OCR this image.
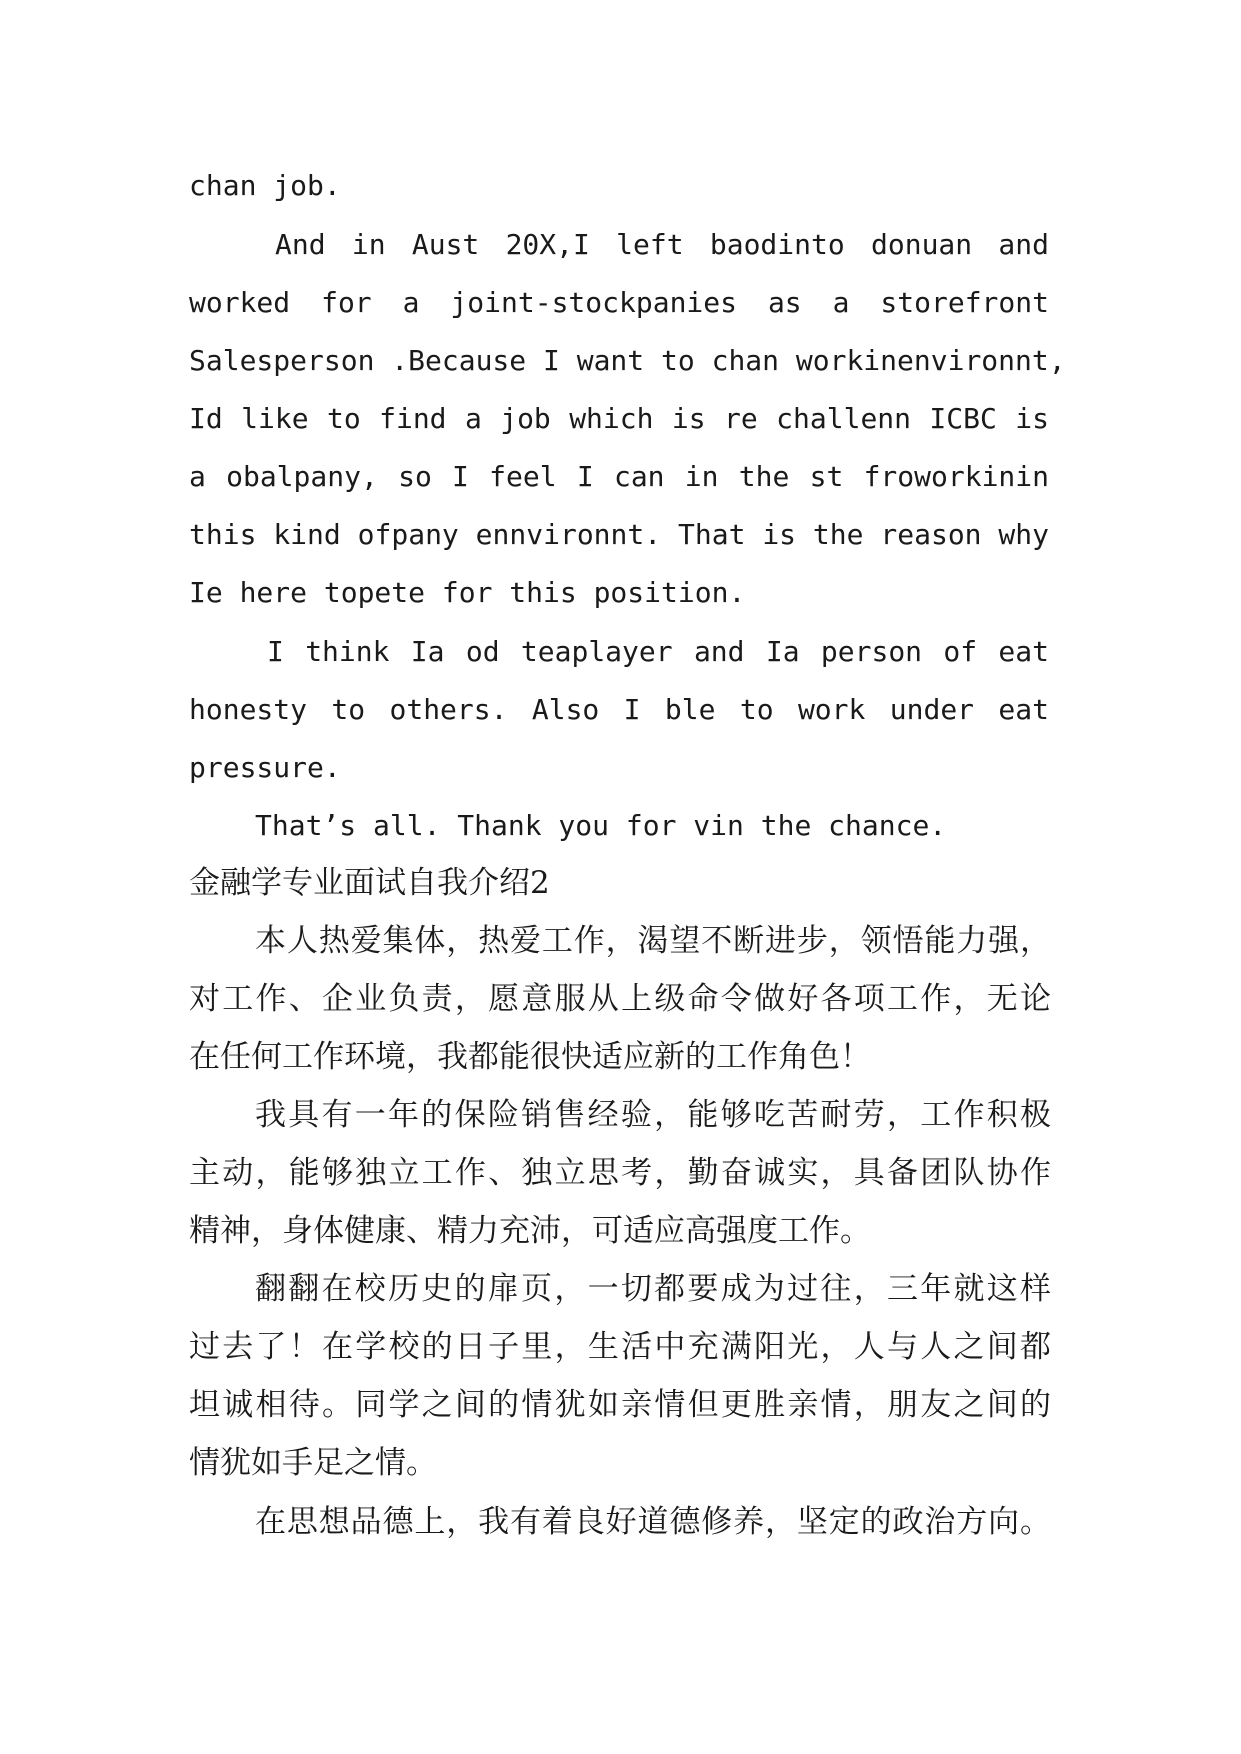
chan job.
And in Aust 20X,I left baodinto donuan and
worked for a joint-stockpanies as a storefront
Salesperson .Because I want to chan workinenvironnt,
Id like to find a job which is re challenn ICBC is
a obalpany, so I feel I can in the st froworkinin
this kind ofpany ennvironnt. That is the reason why
Ie here topete for this position.
I think Ia od teaplayer and Ia person of eat
honesty to others. Also I ble to work under eat
pressure.
That’s all. Thank you for vin the chance.
金融学专业面试自我介绍2
本人热爱集体，热爱工作，渴望不断进步，领悟能力强，
对工作、企业负责，愿意服从上级命令做好各项工作，无论
在任何工作环境，我都能很快适应新的工作角色！
我具有一年的保险销售经验，能够吃苦耐劳，工作积极
主动，能够独立工作、独立思考，勤奋诚实，具备团队协作
精神，身体健康、精力充沛，可适应高强度工作。
翻翻在校历史的扉页，一切都要成为过往，三年就这样
过去了！在学校的日子里，生活中充满阳光，人与人之间都
坦诚相待。同学之间的情犹如亲情但更胜亲情，朋友之间的
情犹如手足之情。
在思想品德上，我有着良好道德修养，坚定的政治方向。
